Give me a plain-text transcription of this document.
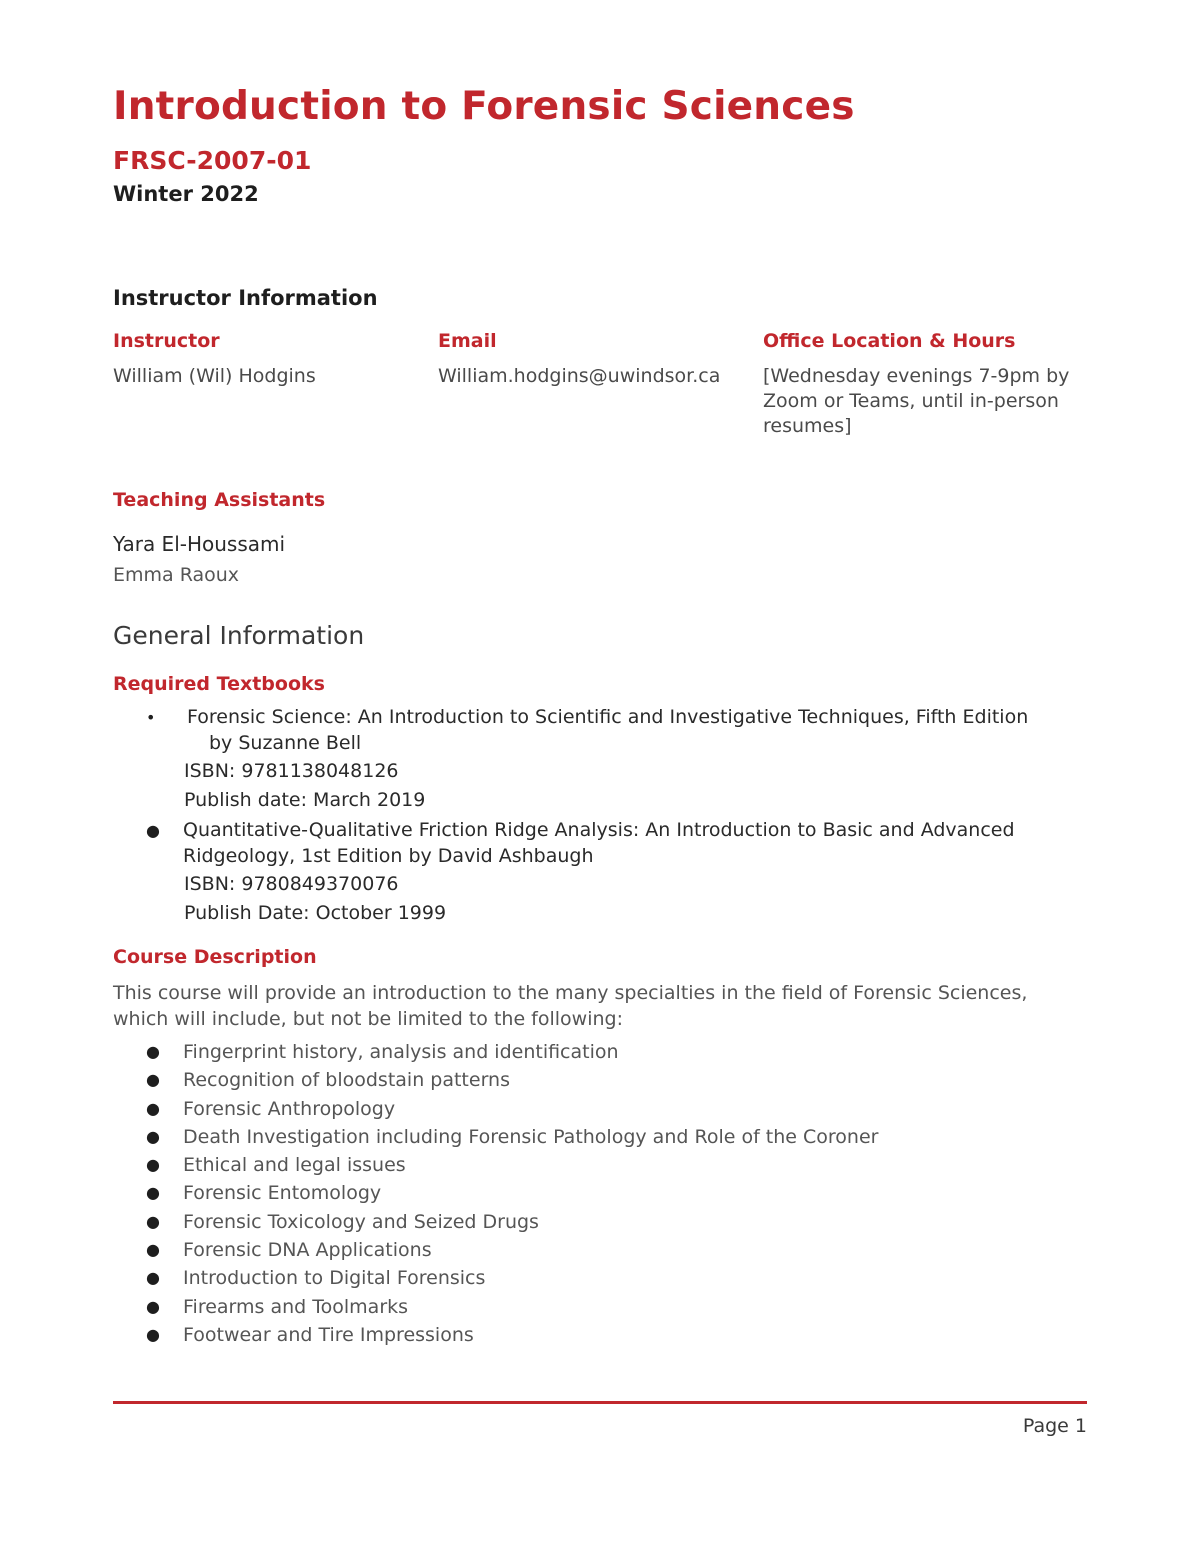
Introduction to Forensic Sciences
FRSC-2007-01
Winter 2022
Instructor Information
Instructor	Email	Office Location & Hours
William (Wil) Hodgins	William.hodgins@uwindsor.ca	[Wednesday evenings 7-9pm by Zoom or Teams, until in-person resumes]
Teaching Assistants
Yara El-Houssami
Emma Raoux
General Information
Required Textbooks
• Forensic Science: An Introduction to Scientific and Investigative Techniques, Fifth Edition
by Suzanne Bell
ISBN: 9781138048126
Publish date: March 2019
● Quantitative-Qualitative Friction Ridge Analysis: An Introduction to Basic and Advanced
Ridgeology, 1st Edition by David Ashbaugh
ISBN: 9780849370076
Publish Date: October 1999
Course Description
This course will provide an introduction to the many specialties in the field of Forensic Sciences, which will include, but not be limited to the following:
● Fingerprint history, analysis and identification
● Recognition of bloodstain patterns
● Forensic Anthropology
● Death Investigation including Forensic Pathology and Role of the Coroner
● Ethical and legal issues
● Forensic Entomology
● Forensic Toxicology and Seized Drugs
● Forensic DNA Applications
● Introduction to Digital Forensics
● Firearms and Toolmarks
● Footwear and Tire Impressions
Page 1
